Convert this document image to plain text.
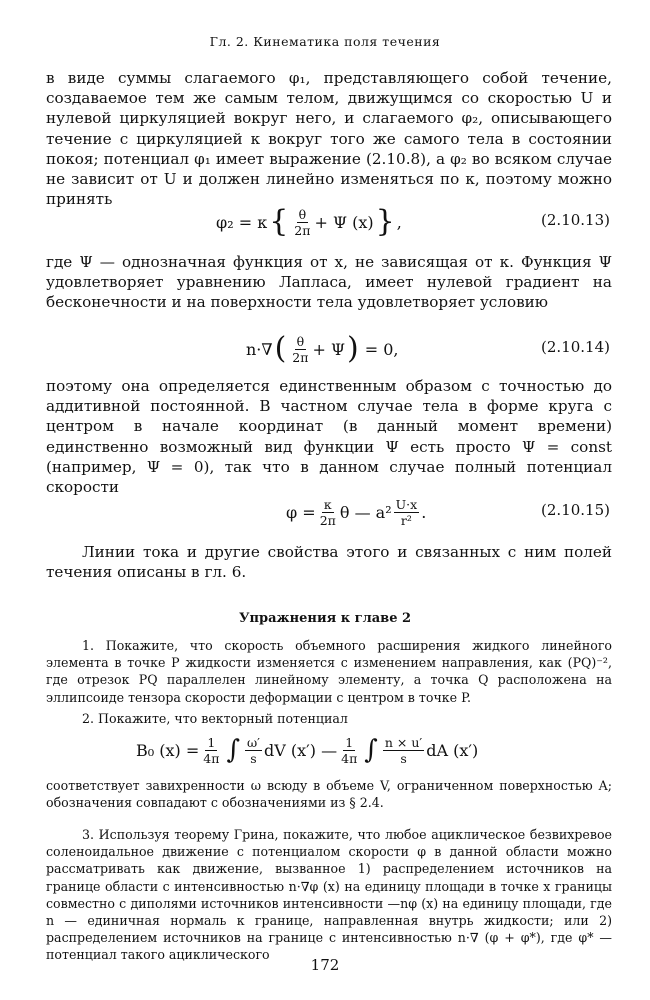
Гл. 2. Кинематика поля течения
в виде суммы слагаемого φ₁, представляющего собой течение, создаваемое тем же самым телом, движущимся со скоростью U и нулевой циркуляцией вокруг него, и слагаемого φ₂, описывающего течение с циркуляцией κ вокруг того же самого тела в состоянии покоя; потенциал φ₁ имеет выражение (2.10.8), а φ₂ во всяком случае не зависит от U и должен линейно изменяться по κ, поэтому можно принять
φ₂ = κ { $\frac{\theta}{2\pi} + \Psi$ (x) } ,	(2.10.13)
где Ψ — однозначная функция от x, не зависящая от κ. Функция Ψ удовлетворяет уравнению Лапласа, имеет нулевой градиент на бесконечности и на поверхности тела удовлетворяет условию
n·∇ ( $\frac{\theta}{2\pi} + \Psi$ ) = 0,	(2.10.14)
поэтому она определяется единственным образом с точностью до аддитивной постоянной. В частном случае тела в форме круга с центром в начале координат (в данный момент времени) единственно возможный вид функции Ψ есть просто Ψ = const (например, Ψ = 0), так что в данном случае полный потенциал скорости
$\varphi = \frac{\kappa}{2\pi}$ θ — $a^2 \frac{U\cdot x}{\text{r²}}$ .	(2.10.15)
Линии тока и другие свойства этого и связанных с ним полей течения описаны в гл. 6.
Упражнения к главе 2
1. Покажите, что скорость объемного расширения жидкого линейного элемента в точке P жидкости изменяется с изменением направления, как (PQ)⁻², где отрезок PQ параллелен линейному элементу, а точка Q расположена на эллипсоиде тензора скорости деформации с центром в точке P.
2. Покажите, что векторный потенциал
B₀ $(x) = \frac{1}{4\pi}$ ∫ $\frac{\omega'}{s}$ dV (x′) — $\frac{1}{4\pi}$ ∫ $\frac{n \times u'}{s}$ dA (x′)
соответствует завихренности ω всюду в объеме V, ограниченном поверхностью A; обозначения совпадают с обозначениями из § 2.4.
3. Используя теорему Грина, покажите, что любое ациклическое безвихревое соленоидальное движение с потенциалом скорости φ в данной области можно рассматривать как движение, вызванное 1) распределением источников на границе области с интенсивностью n·∇φ (x) на единицу площади в точке x границы совместно с диполями источников интенсивности —nφ (x) на единицу площади, где n — единичная нормаль к границе, направленная внутрь жидкости; или 2) распределением источников на границе с интенсивностью n·∇ (φ + φ*), где φ* — потенциал такого ациклического
172
